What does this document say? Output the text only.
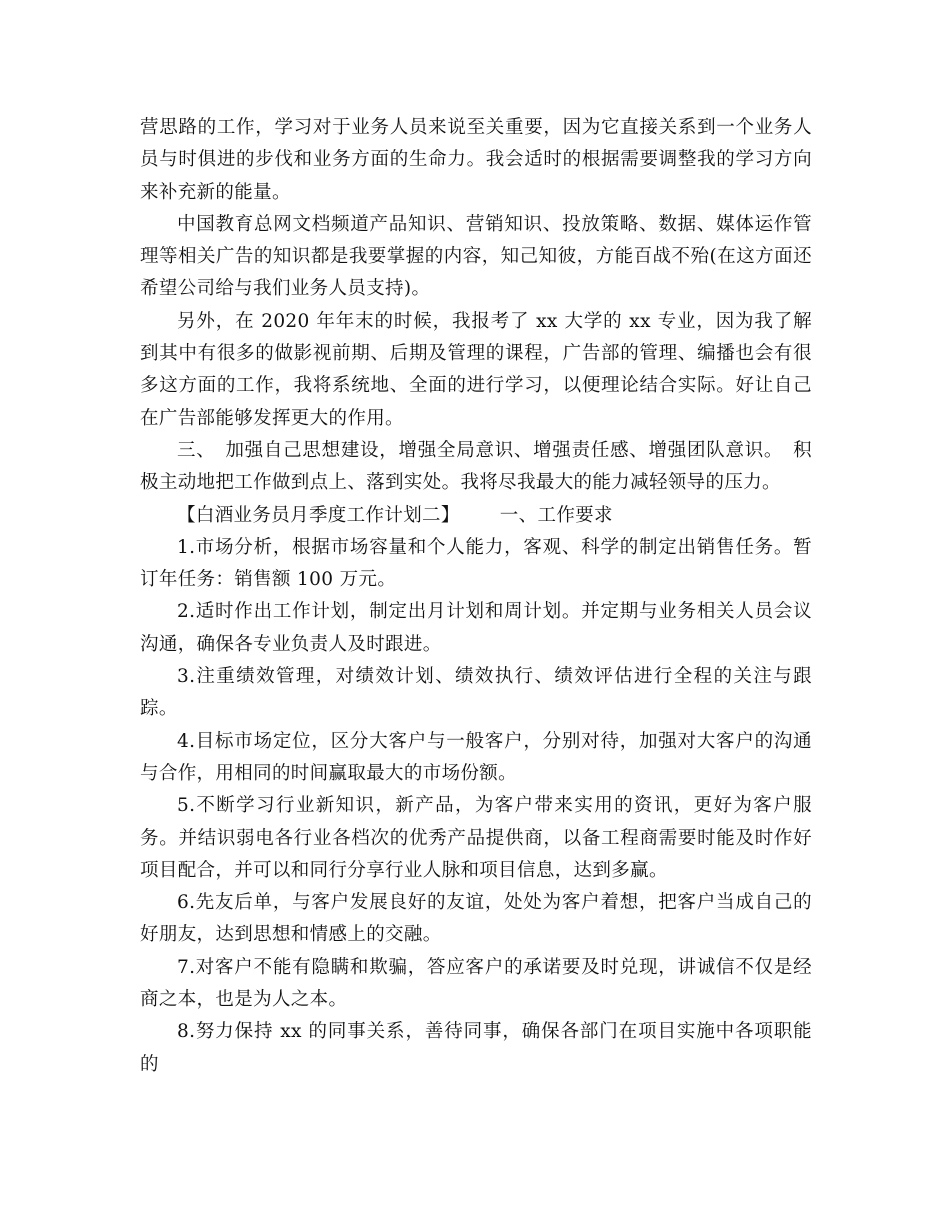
营思路的工作，学习对于业务人员来说至关重要，因为它直接关系到一个业务人员与时俱进的步伐和业务方面的生命力。我会适时的根据需要调整我的学习方向来补充新的能量。

中国教育总网文档频道产品知识、营销知识、投放策略、数据、媒体运作管理等相关广告的知识都是我要掌握的内容，知己知彼，方能百战不殆(在这方面还希望公司给与我们业务人员支持)。

另外，在 2020 年年末的时候，我报考了 xx 大学的 xx 专业，因为我了解到其中有很多的做影视前期、后期及管理的课程，广告部的管理、编播也会有很多这方面的工作，我将系统地、全面的进行学习，以便理论结合实际。好让自己在广告部能够发挥更大的作用。

三、　加强自己思想建设，增强全局意识、增强责任感、增强团队意识。　积极主动地把工作做到点上、落到实处。我将尽我最大的能力减轻领导的压力。

【白酒业务员月季度工作计划二】 一、工作要求

1.市场分析，根据市场容量和个人能力，客观、科学的制定出销售任务。暂订年任务：销售额 100 万元。

2.适时作出工作计划，制定出月计划和周计划。并定期与业务相关人员会议沟通，确保各专业负责人及时跟进。

3.注重绩效管理，对绩效计划、绩效执行、绩效评估进行全程的关注与跟踪。

4.目标市场定位，区分大客户与一般客户，分别对待，加强对大客户的沟通与合作，用相同的时间赢取最大的市场份额。

5.不断学习行业新知识，新产品，为客户带来实用的资讯，更好为客户服务。并结识弱电各行业各档次的优秀产品提供商，以备工程商需要时能及时作好项目配合，并可以和同行分享行业人脉和项目信息，达到多赢。

6.先友后单，与客户发展良好的友谊，处处为客户着想，把客户当成自己的好朋友，达到思想和情感上的交融。

7.对客户不能有隐瞒和欺骗，答应客户的承诺要及时兑现，讲诚信不仅是经商之本，也是为人之本。

8.努力保持 xx 的同事关系，善待同事，确保各部门在项目实施中各项职能的
